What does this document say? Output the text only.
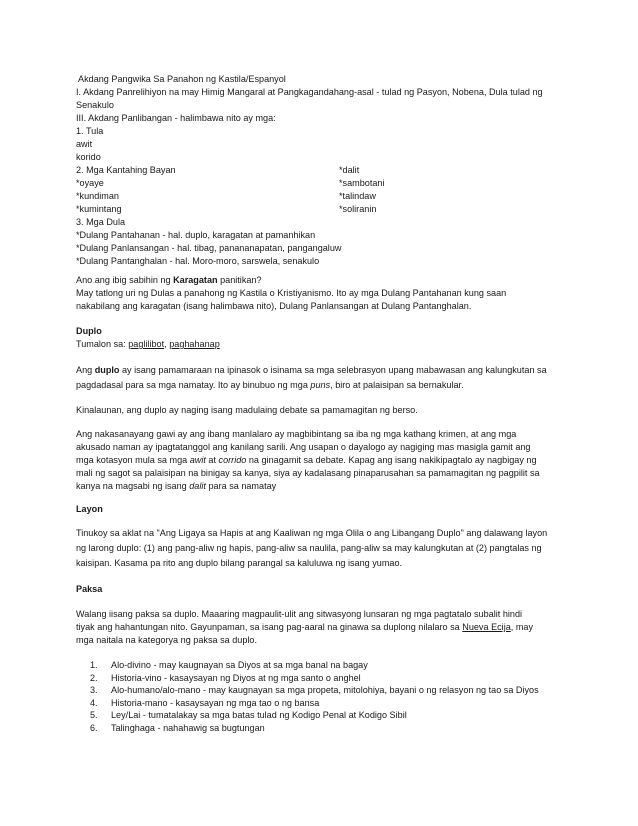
Akdang Pangwika Sa Panahon ng Kastila/Espanyol
I. Akdang Panrelihiyon na may Himig Mangaral at Pangkagandahang-asal - tulad ng Pasyon, Nobena, Dula tulad ng
Senakulo
III. Akdang Panlibangan - halimbawa nito ay mga:
1. Tula
awit
korido
2. Mga Kantahing Bayan	*dalit
*oyaye	*sambotani
*kundiman	*talindaw
*kumintang	*soliranin
3. Mga Dula
*Dulang Pantahanan - hal. duplo, karagatan at pamanhikan
*Dulang Panlansangan - hal. tibag, panananapatan, pangangaluw
*Dulang Pantanghalan - hal. Moro-moro, sarswela, senakulo
Ano ang ibig sabihin ng Karagatan panitikan?
May tatlong uri ng Dulas a panahong ng Kastila o Kristiyanismo. Ito ay mga Dulang Pantahanan kung saan
nakabilang ang karagatan (isang halimbawa nito), Dulang Panlansangan at Dulang Pantanghalan.
Duplo
Tumalon sa: paglilibot, paghahanap
Ang duplo ay isang pamamaraan na ipinasok o isinama sa mga selebrasyon upang mabawasan ang kalungkutan sa
pagdadasal para sa mga namatay. Ito ay binubuo ng mga puns, biro at palaisipan sa bernakular.
Kinalaunan, ang duplo ay naging isang madulaing debate sa pamamagitan ng berso.
Ang nakasanayang gawi ay ang ibang manlalaro ay magbibintang sa iba ng mga kathang krimen, at ang mga
akusado naman ay ipagtatanggol ang kanilang sarili. Ang usapan o dayalogo ay nagiging mas masigla gamit ang
mga kotasyon mula sa mga awit at corrido na ginagamit sa debate. Kapag ang isang nakikipagtalo ay nagbigay ng
mali ng sagot sa palaisipan na binigay sa kanya, siya ay kadalasang pinaparusahan sa pamamagitan ng pagpilit sa
kanya na magsabi ng isang dalit para sa namatay
Layon
Tinukoy sa aklat na "Ang Ligaya sa Hapis at ang Kaaliwan ng mga Olila o ang Libangang Duplo" ang dalawang layon
ng larong duplo: (1) ang pang-aliw ng hapis, pang-aliw sa naulila, pang-aliw sa may kalungkutan at (2) pangtalas ng
kaisipan. Kasama pa rito ang duplo bilang parangal sa kaluluwa ng isang yumao.
Paksa
Walang iisang paksa sa duplo. Maaaring magpaulit-ulit ang sitwasyong lunsaran ng mga pagtatalo subalit hindi
tiyak ang hahantungan nito. Gayunpaman, sa isang pag-aaral na ginawa sa duplong nilalaro sa Nueva Ecija, may
mga naitala na kategorya ng paksa sa duplo.
1.	Alo-divino - may kaugnayan sa Diyos at sa mga banal na bagay
2.	Historia-vino - kasaysayan ng Diyos at ng mga santo o anghel
3.	Alo-humano/alo-mano - may kaugnayan sa mga propeta, mitolohiya, bayani o ng relasyon ng tao sa Diyos
4.	Historia-mano - kasaysayan ng mga tao o ng bansa
5.	Ley/Lai - tumatalakay sa mga batas tulad ng Kodigo Penal at Kodigo Sibil
6.	Talinghaga - nahahawig sa bugtungan
